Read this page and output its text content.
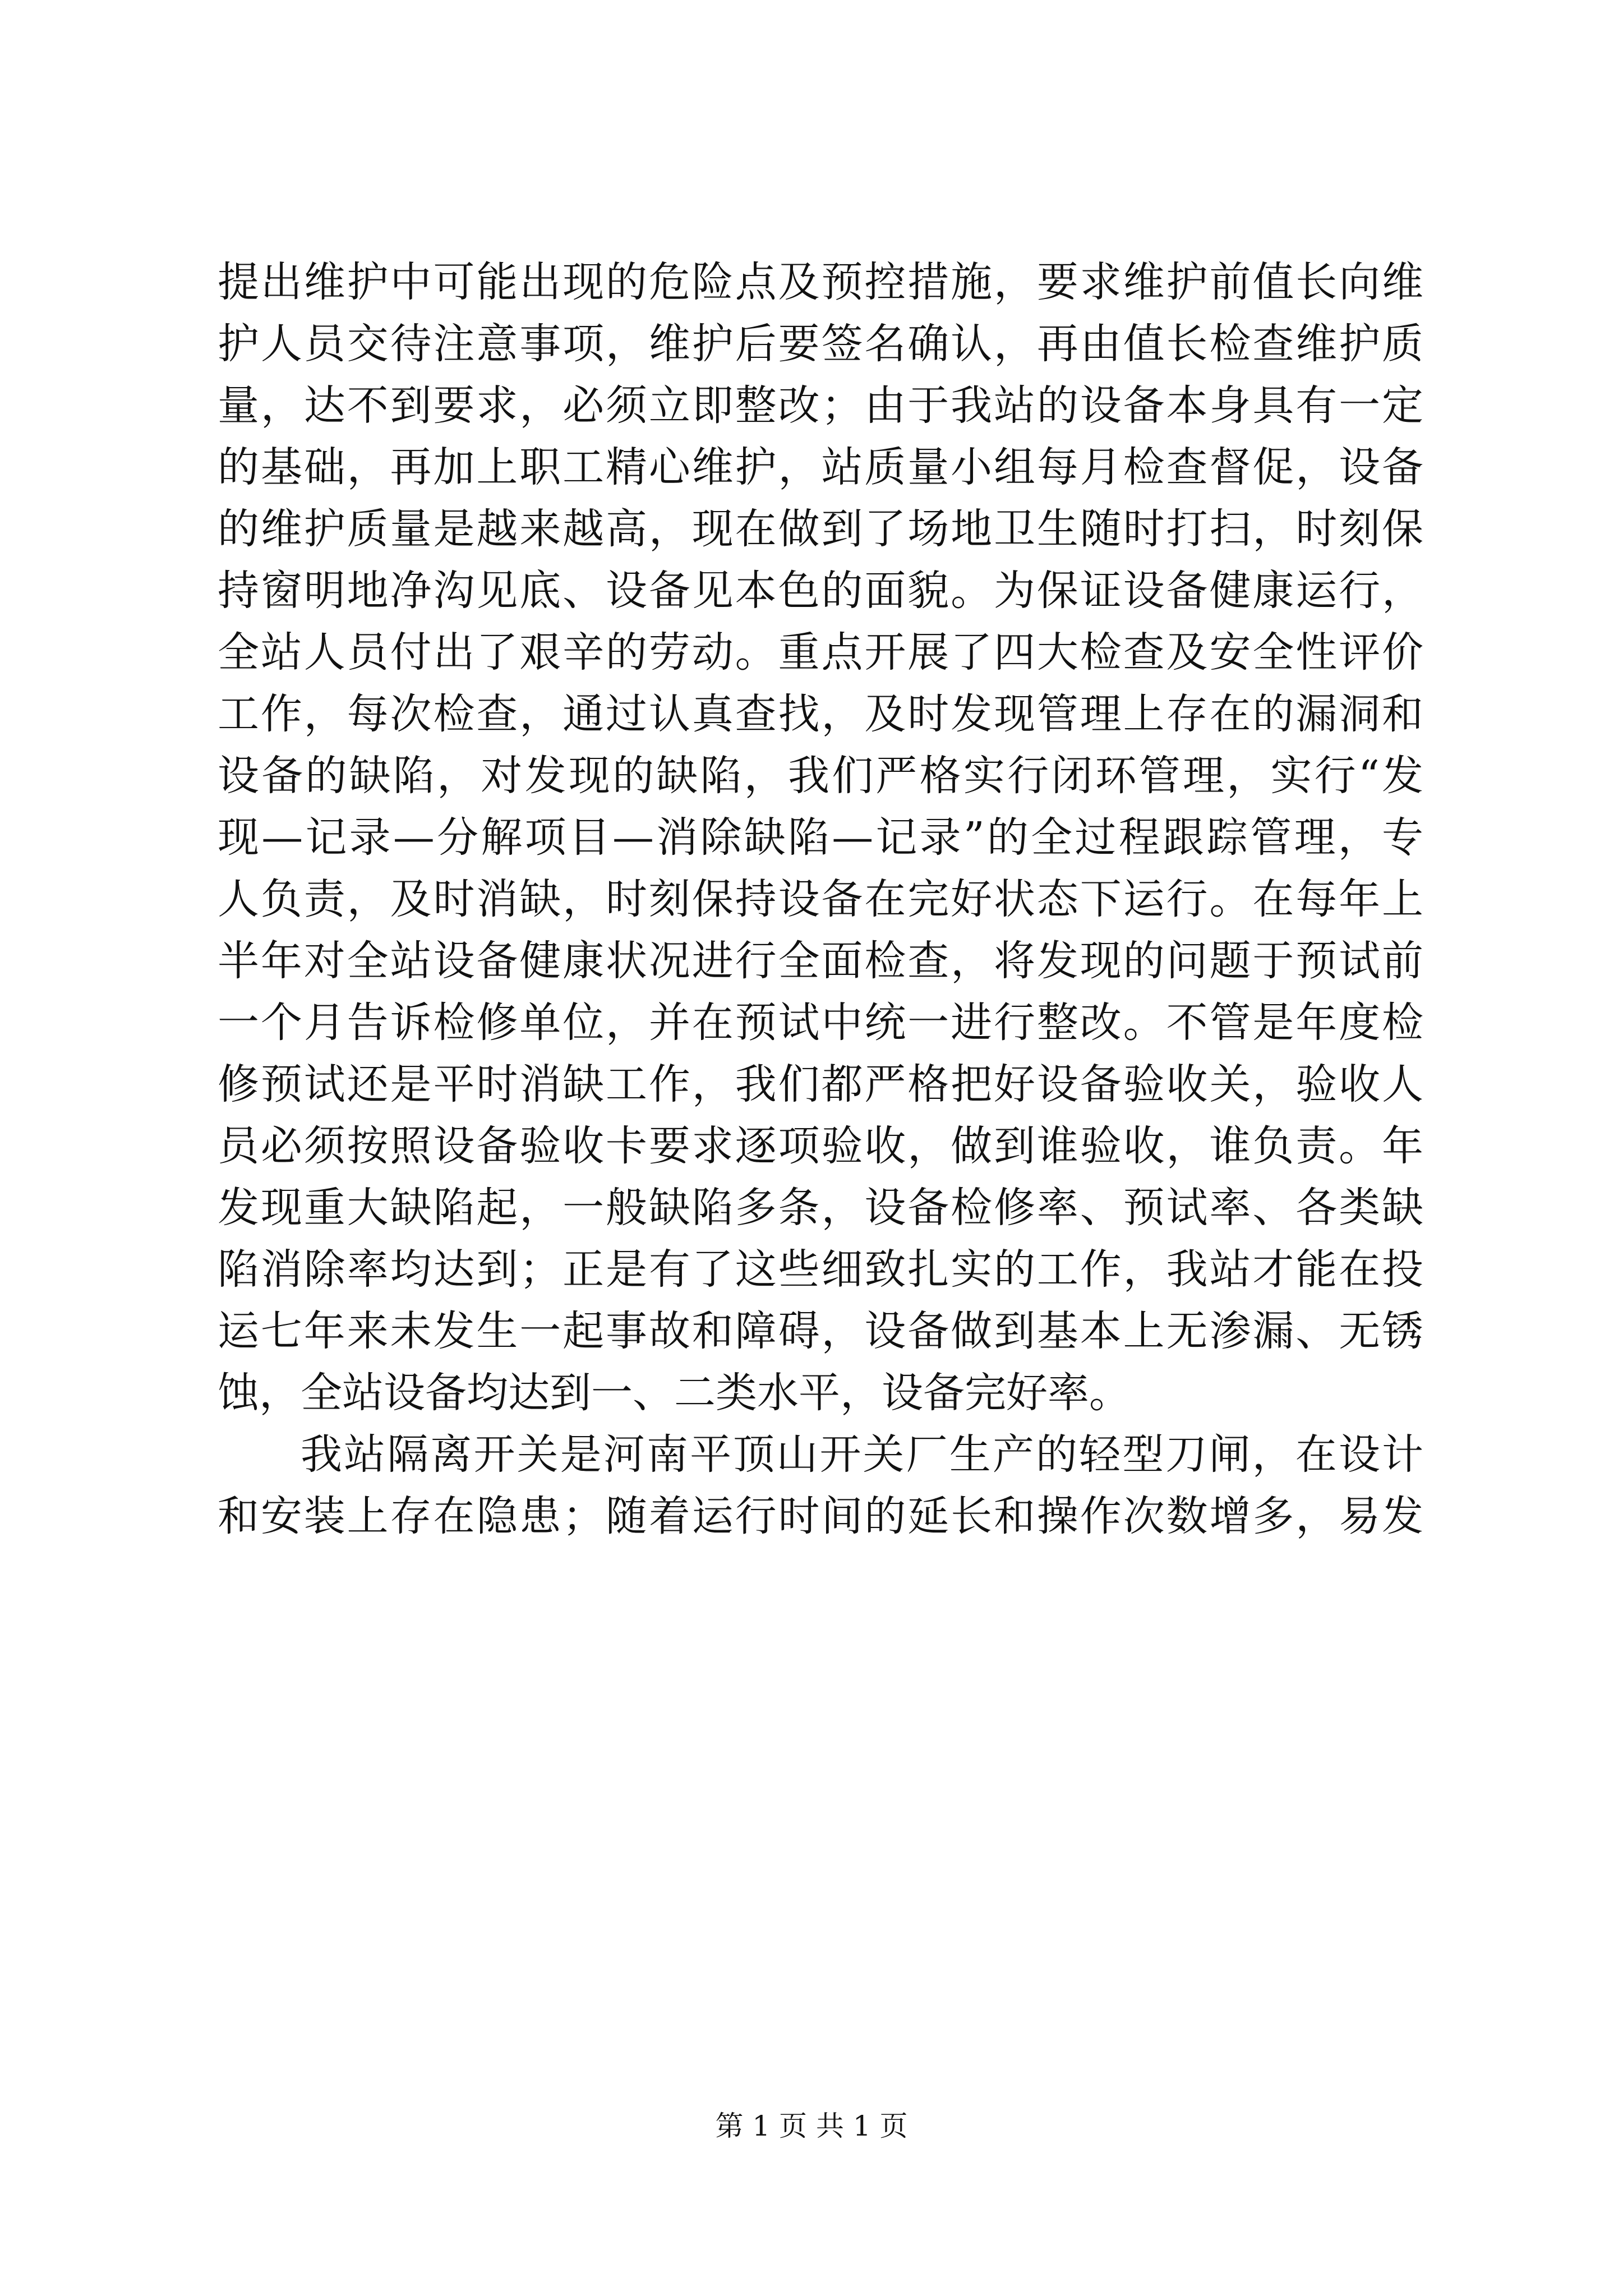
提出维护中可能出现的危险点及预控措施，要求维护前值长向维
护人员交待注意事项，维护后要签名确认，再由值长检查维护质
量，达不到要求，必须立即整改；由于我站的设备本身具有一定
的基础，再加上职工精心维护，站质量小组每月检查督促，设备
的维护质量是越来越高，现在做到了场地卫生随时打扫，时刻保
持窗明地净沟见底、设备见本色的面貌。为保证设备健康运行，
全站人员付出了艰辛的劳动。重点开展了四大检查及安全性评价
工作，每次检查，通过认真查找，及时发现管理上存在的漏洞和
设备的缺陷，对发现的缺陷，我们严格实行闭环管理，实行“发
现—记录—分解项目—消除缺陷—记录”的全过程跟踪管理，专
人负责，及时消缺，时刻保持设备在完好状态下运行。在每年上
半年对全站设备健康状况进行全面检查，将发现的问题于预试前
一个月告诉检修单位，并在预试中统一进行整改。不管是年度检
修预试还是平时消缺工作，我们都严格把好设备验收关，验收人
员必须按照设备验收卡要求逐项验收，做到谁验收，谁负责。年
发现重大缺陷起，一般缺陷多条，设备检修率、预试率、各类缺
陷消除率均达到；正是有了这些细致扎实的工作，我站才能在投
运七年来未发生一起事故和障碍，设备做到基本上无渗漏、无锈
蚀，全站设备均达到一、二类水平，设备完好率。
我站隔离开关是河南平顶山开关厂生产的轻型刀闸，在设计
和安装上存在隐患；随着运行时间的延长和操作次数增多，易发
第 1 页 共 1 页
